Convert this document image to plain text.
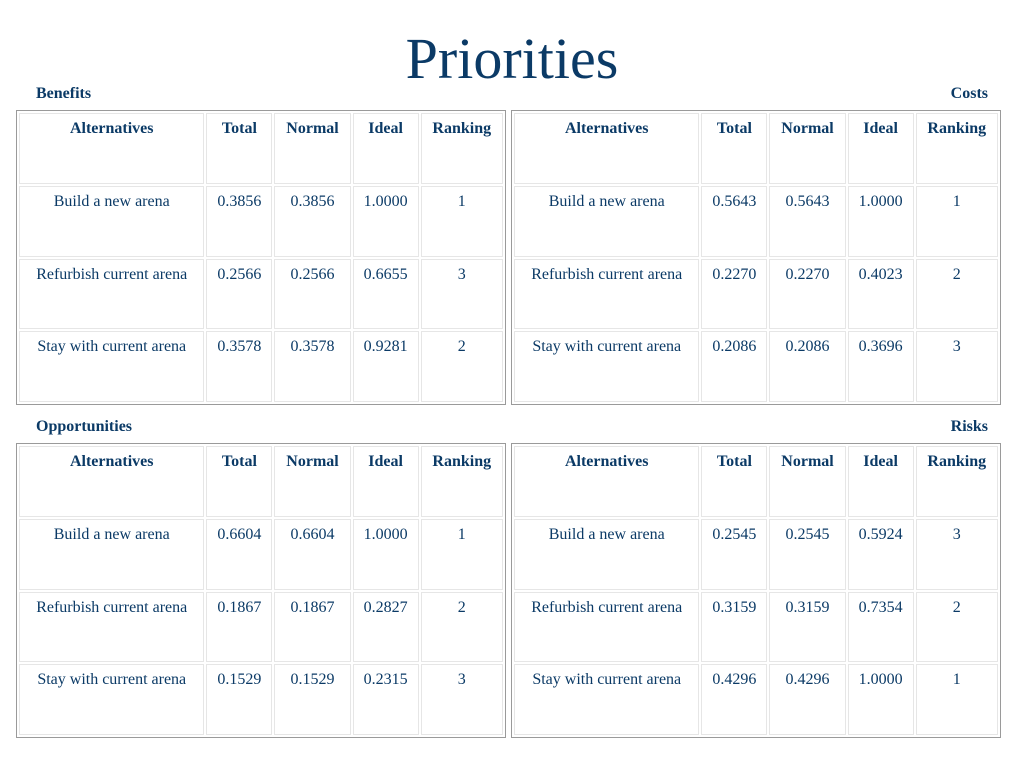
Priorities
Benefits	Costs
Opportunities	Risks
Alternatives	Total	Normal	Ideal	Ranking
Build a new arena	0.3856	0.3856	1.0000	1
Refurbish current arena	0.2566	0.2566	0.6655	3
Stay with current arena	0.3578	0.3578	0.9281	2
Alternatives	Total	Normal	Ideal	Ranking
Build a new arena	0.5643	0.5643	1.0000	1
Refurbish current arena	0.2270	0.2270	0.4023	2
Stay with current arena	0.2086	0.2086	0.3696	3
Alternatives	Total	Normal	Ideal	Ranking
Build a new arena	0.6604	0.6604	1.0000	1
Refurbish current arena	0.1867	0.1867	0.2827	2
Stay with current arena	0.1529	0.1529	0.2315	3
Alternatives	Total	Normal	Ideal	Ranking
Build a new arena	0.2545	0.2545	0.5924	3
Refurbish current arena	0.3159	0.3159	0.7354	2
Stay with current arena	0.4296	0.4296	1.0000	1
